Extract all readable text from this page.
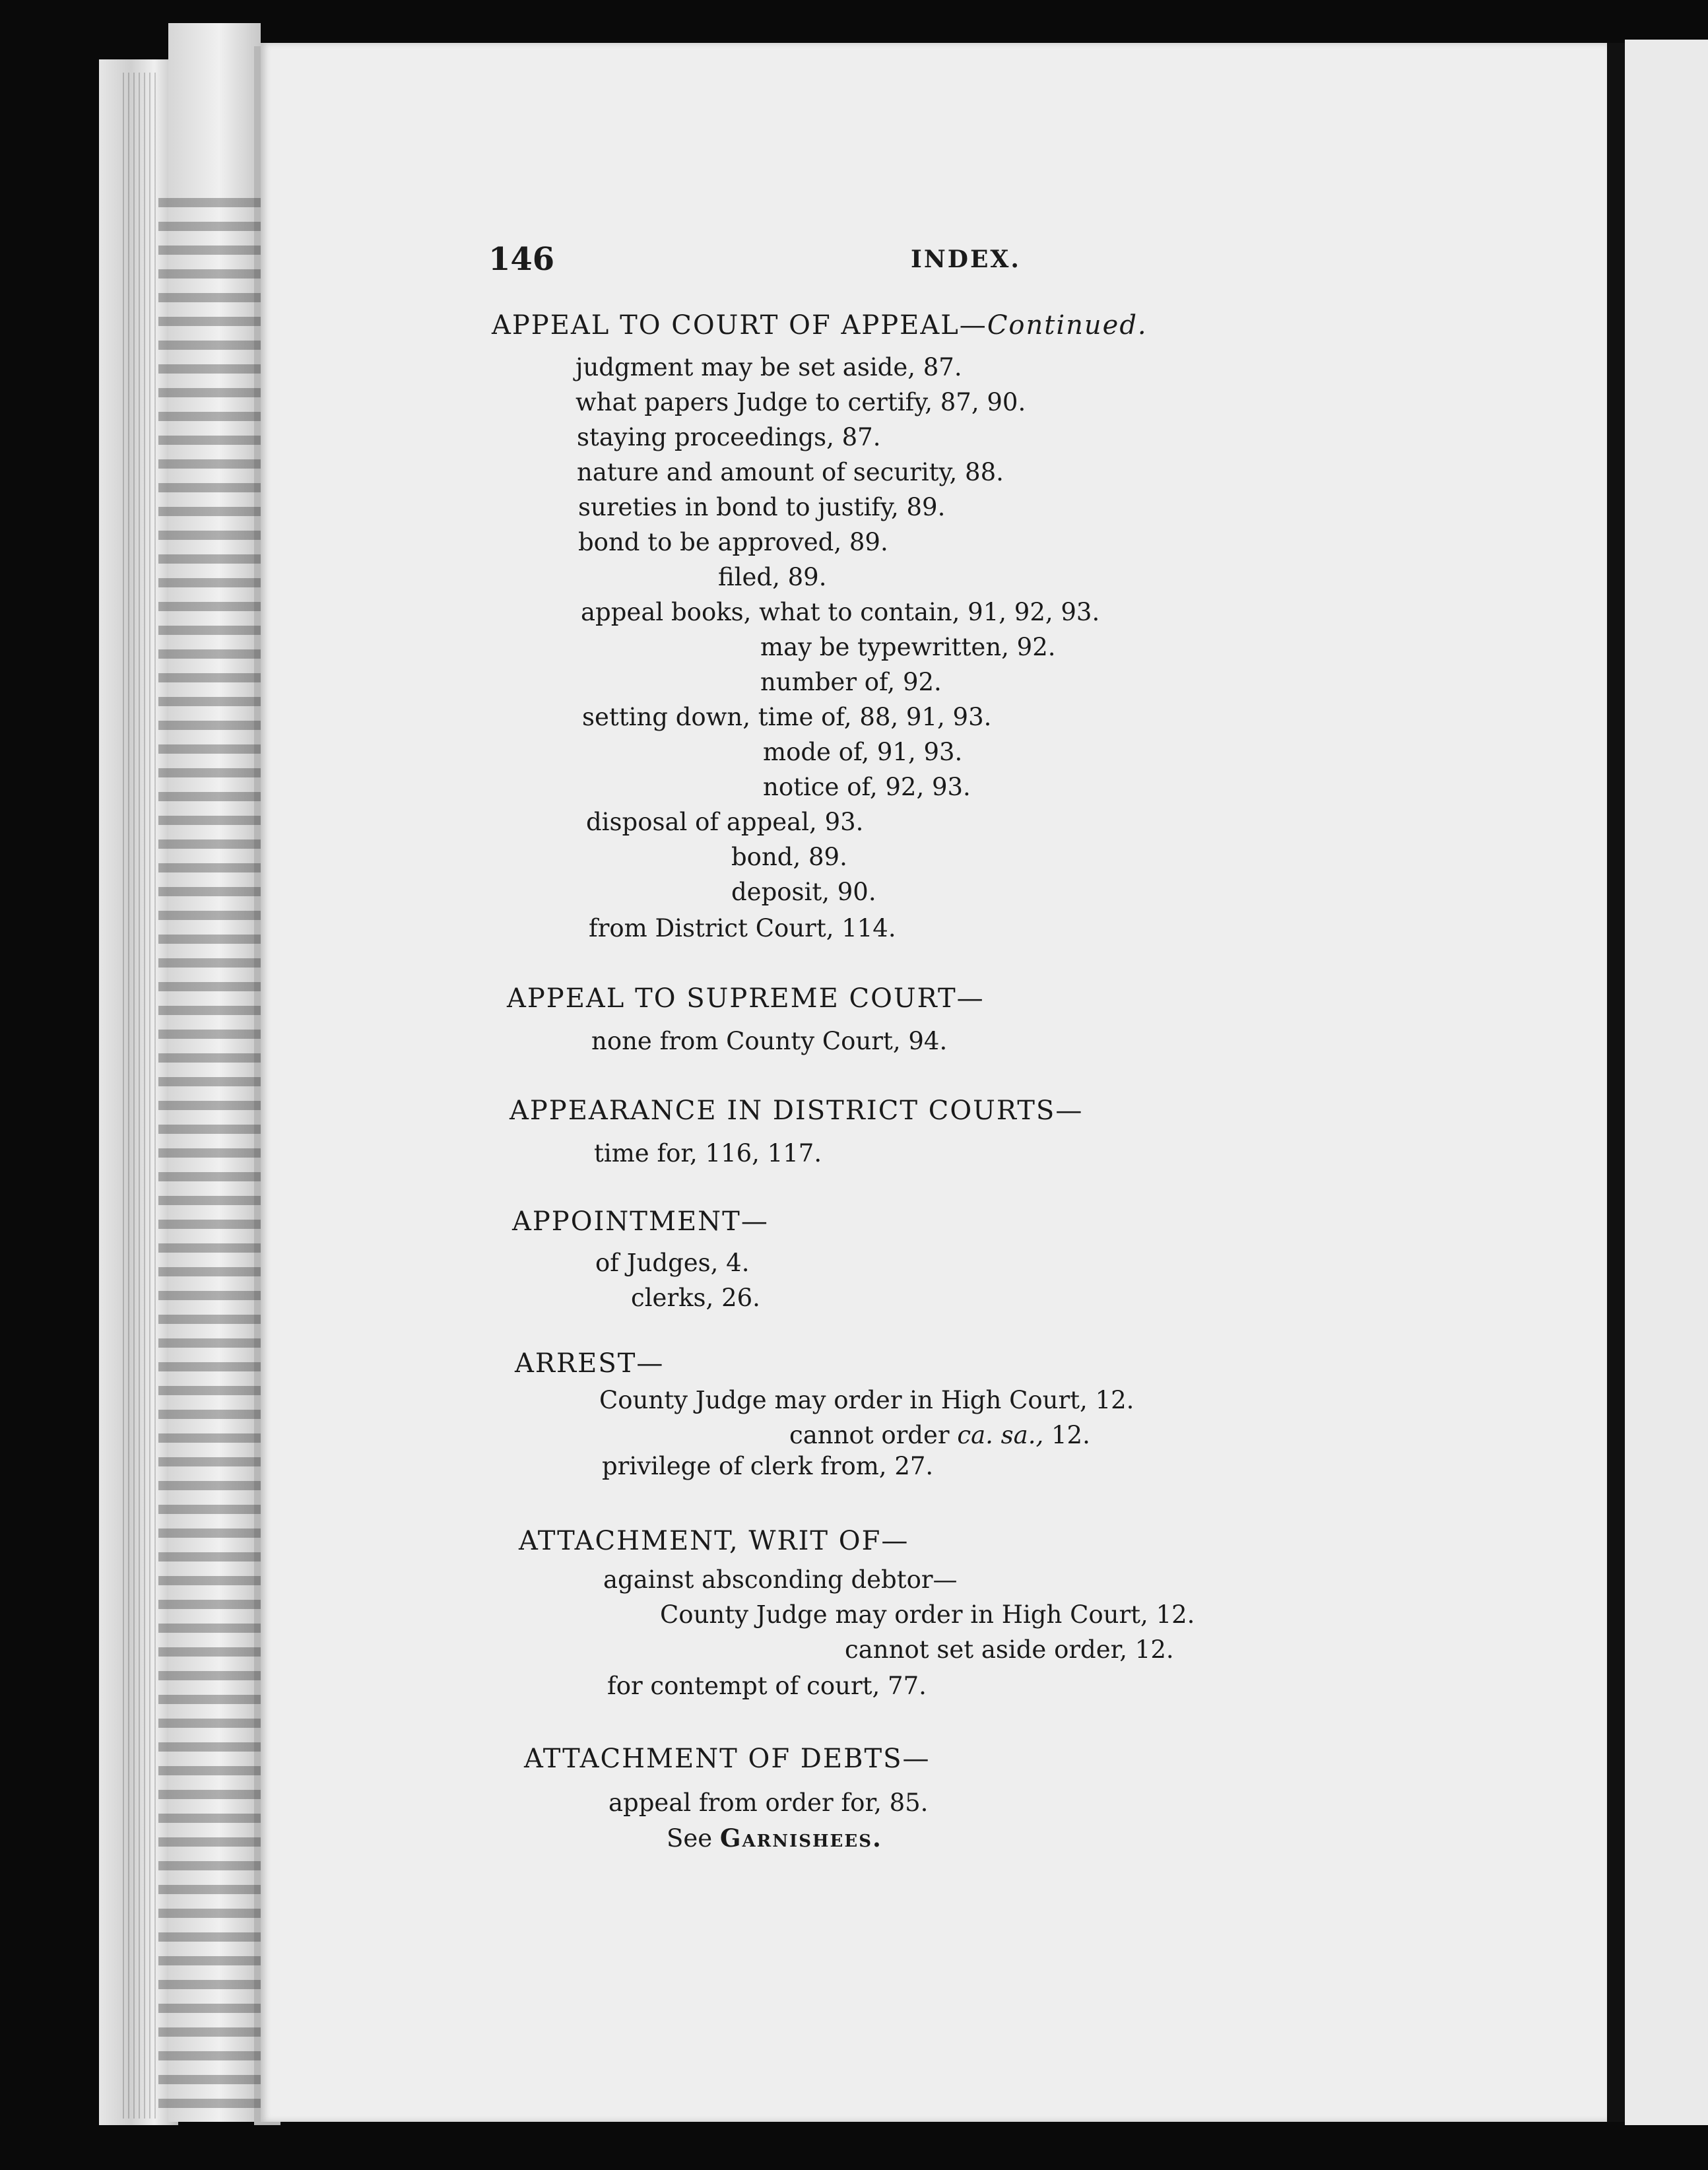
146	INDEX.
APPEAL TO COURT OF APPEAL—Continued.
judgment may be set aside, 87.
what papers Judge to certify, 87, 90.
staying proceedings, 87.
nature and amount of security, 88.
sureties in bond to justify, 89.
bond to be approved, 89.
filed, 89.
appeal books, what to contain, 91, 92, 93.
may be typewritten, 92.
number of, 92.
setting down, time of, 88, 91, 93.
mode of, 91, 93.
notice of, 92, 93.
disposal of appeal, 93.
bond, 89.
deposit, 90.
from District Court, 114.
APPEAL TO SUPREME COURT—
none from County Court, 94.
APPEARANCE IN DISTRICT COURTS—
time for, 116, 117.
APPOINTMENT—
of Judges, 4.
clerks, 26.
ARREST—
County Judge may order in High Court, 12.
cannot order ca. sa., 12.
privilege of clerk from, 27.
ATTACHMENT, WRIT OF—
against absconding debtor—
County Judge may order in High Court, 12.
cannot set aside order, 12.
for contempt of court, 77.
ATTACHMENT OF DEBTS—
appeal from order for, 85.
See Garnishees.
